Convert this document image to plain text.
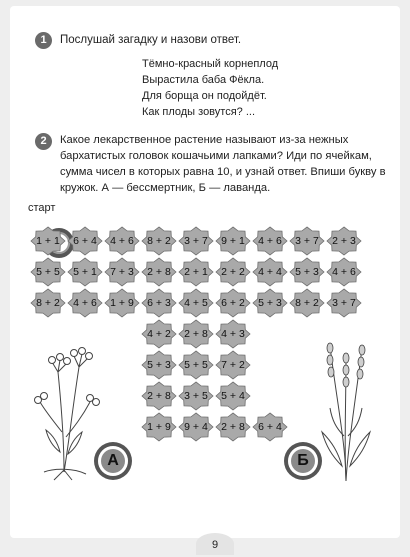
1	Послушай загадку и назови ответ.
Тёмно-красный корнеплод
Вырастила баба Фёкла.
Для борща он подойдёт.
Как плоды зовутся? ...
2	Какое лекарственное растение называют из-за нежных бархатистых головок кошачьими лапками? Иди по ячейкам, сумма чисел в которых равна 10, и узнай ответ. Впиши букву в кружок. А — бессмертник, Б — лаванда.
старт
1 + 1	6 + 4	4 + 6	8 + 2	3 + 7	9 + 1	4 + 6	3 + 7	2 + 3
5 + 5	5 + 1	7 + 3	2 + 8	2 + 1	2 + 2	4 + 4	5 + 3	4 + 6
8 + 2	4 + 6	1 + 9	6 + 3	4 + 5	6 + 2	5 + 3	8 + 2	3 + 7
4 + 2	2 + 8	4 + 3
5 + 3	5 + 5	7 + 2
2 + 8	3 + 5	5 + 4
1 + 9	9 + 4	2 + 8	6 + 4
А	Б
9
